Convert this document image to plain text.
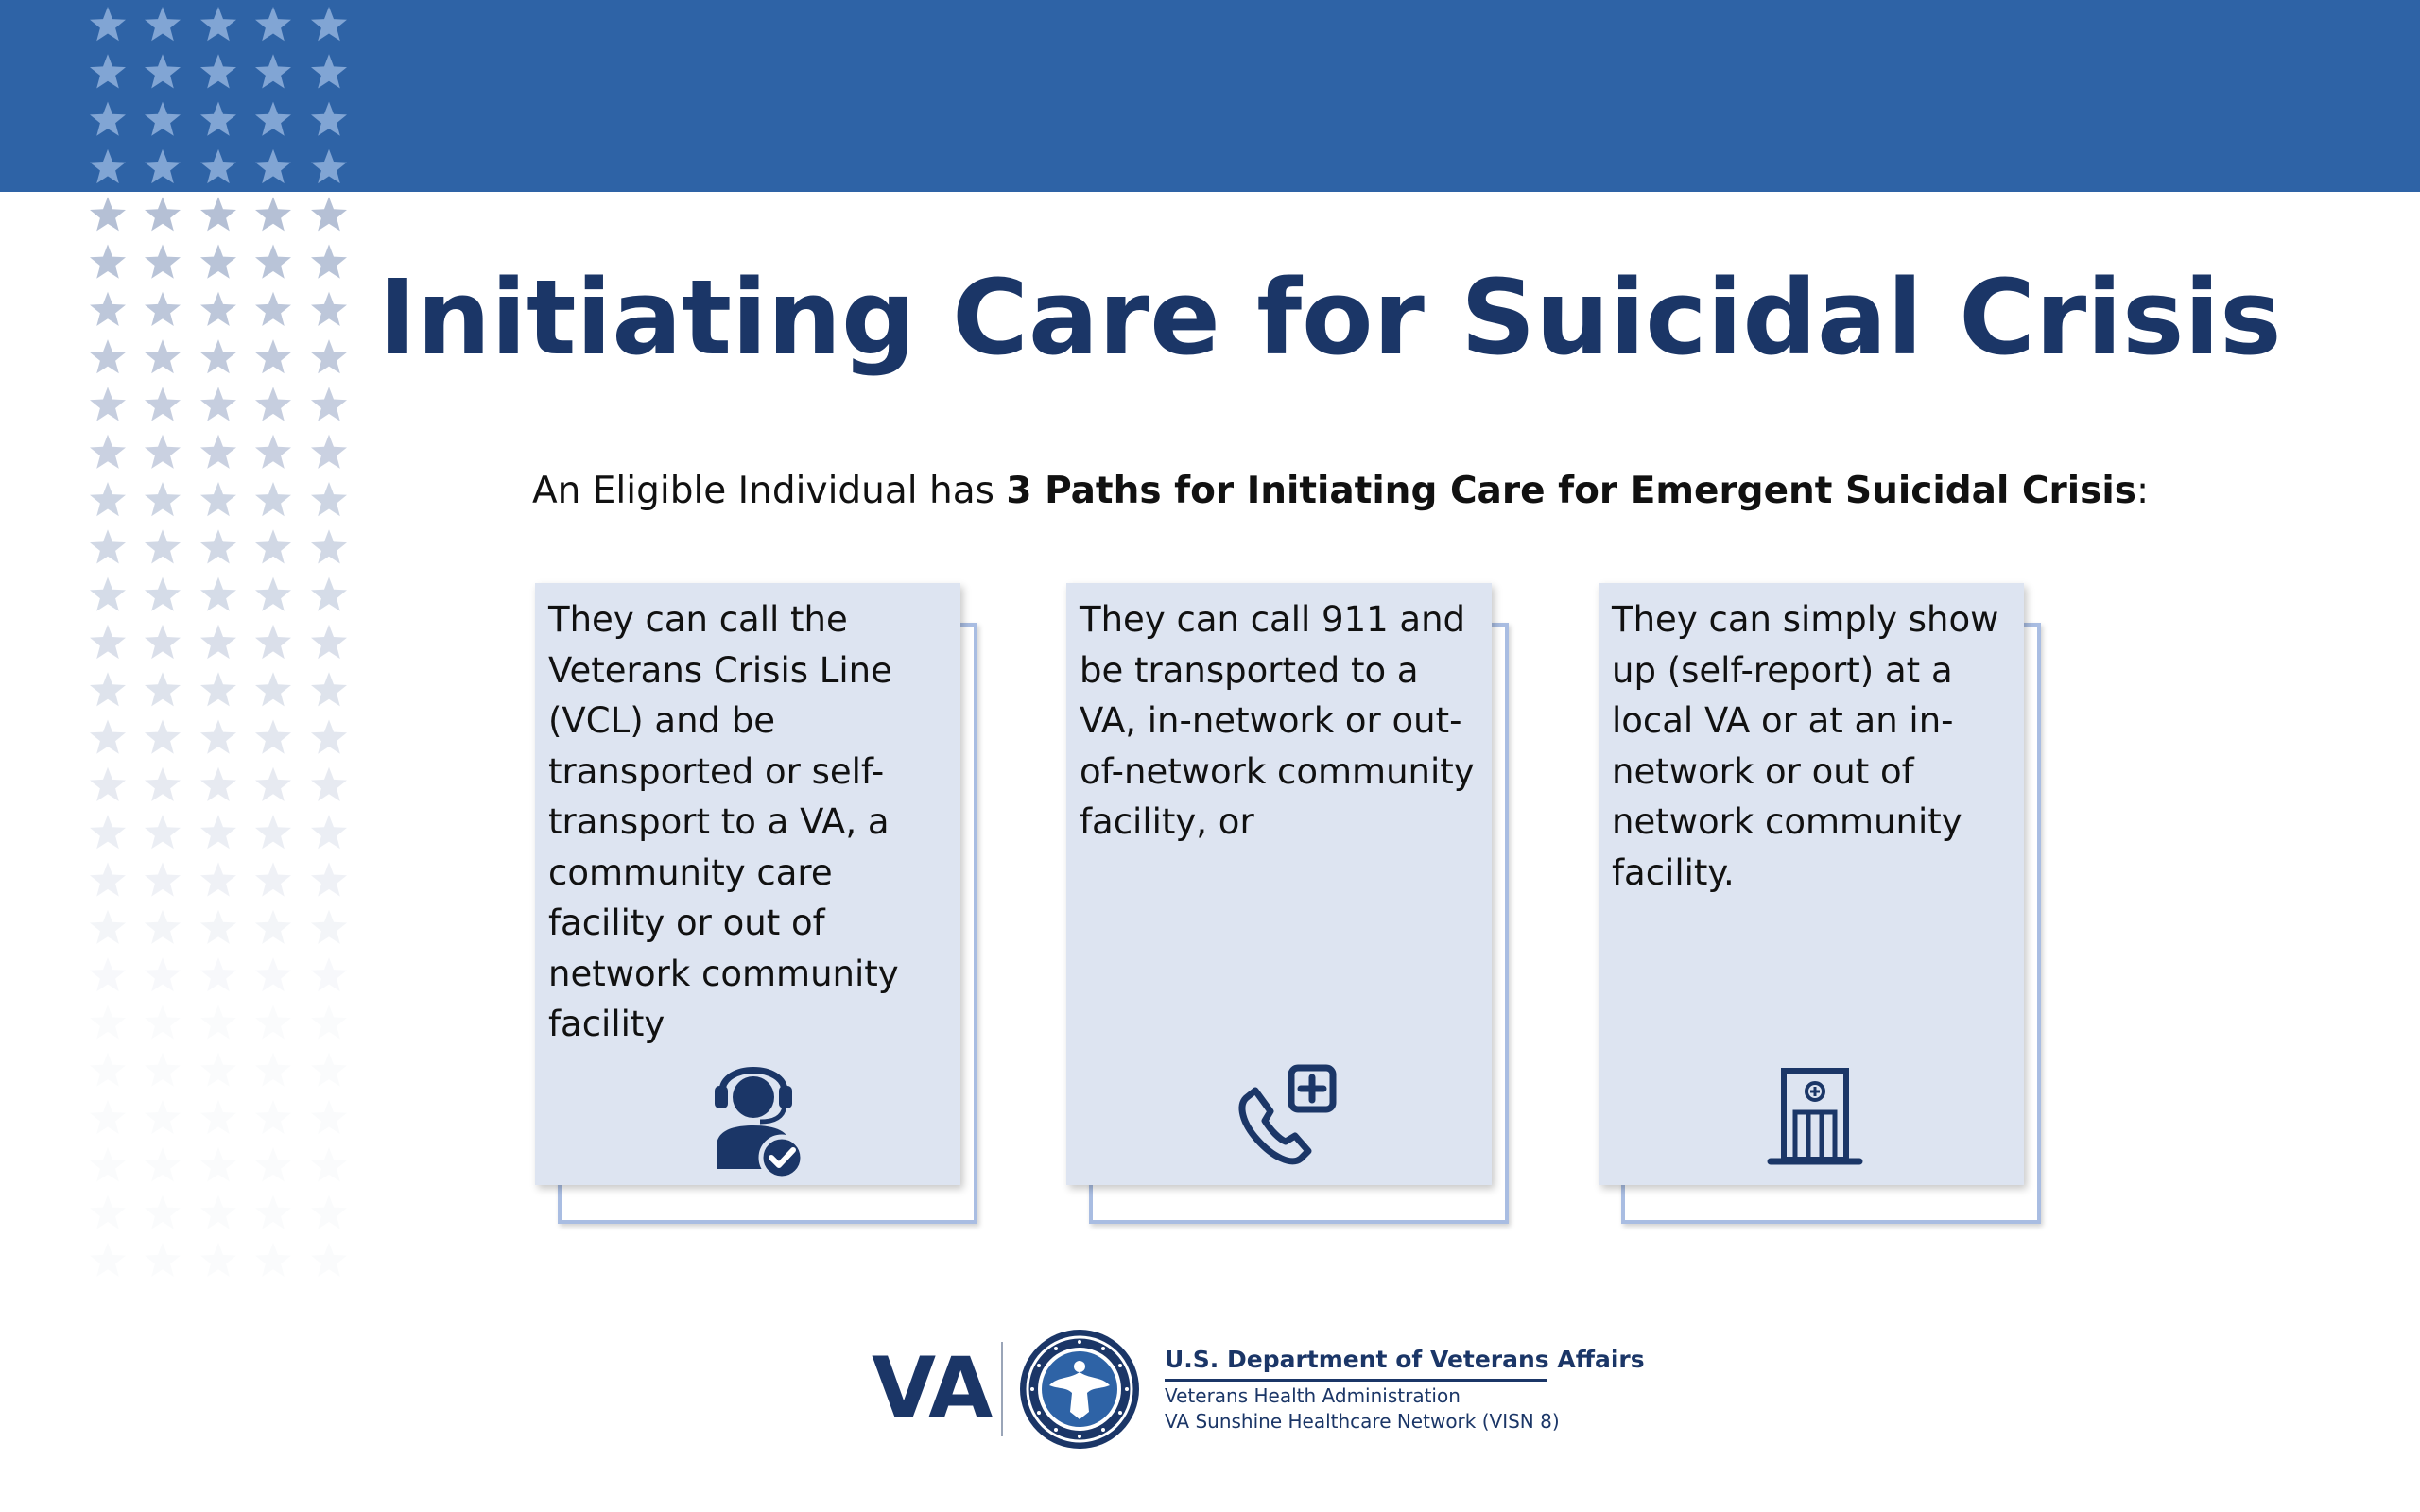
Initiating Care for Suicidal Crisis

An Eligible Individual has 3 Paths for Initiating Care for Emergent Suicidal Crisis:

They can call the Veterans Crisis Line (VCL) and be transported or self-transport to a VA, a community care facility or out of network community facility

They can call 911 and be transported to a VA, in-network or out-of-network community facility, or

They can simply show up (self-report) at a local VA or at an in-network or out of network community facility.

VA	U.S. Department of Veterans Affairs

Veterans Health Administration

VA Sunshine Healthcare Network (VISN 8)
